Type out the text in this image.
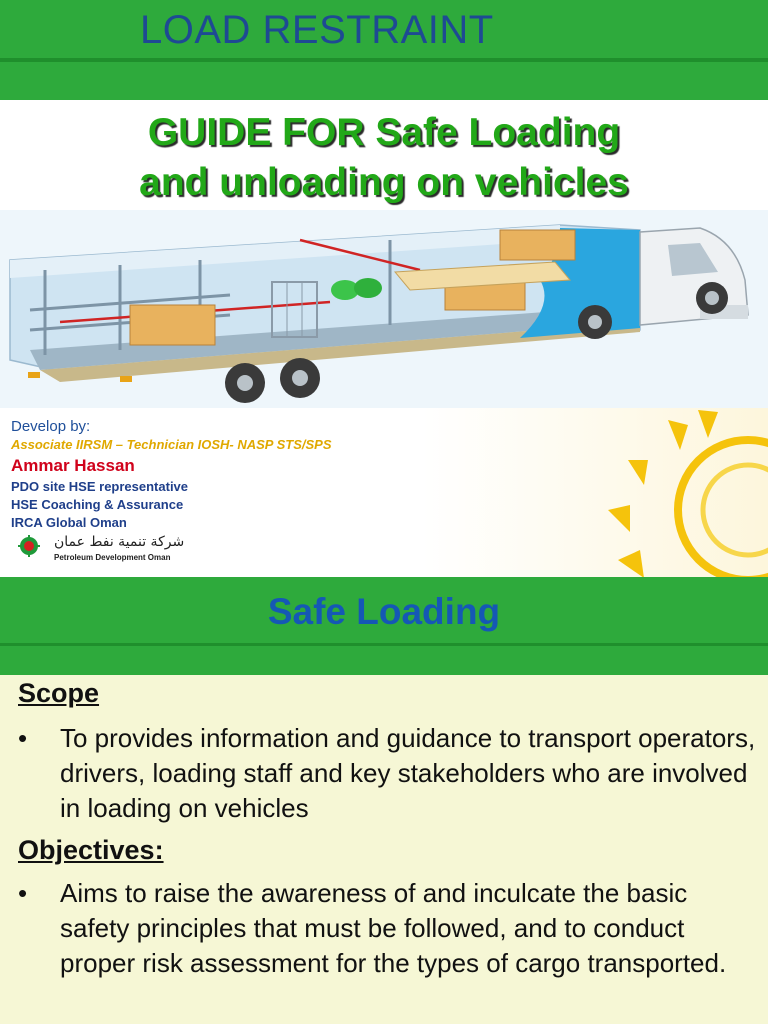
LOAD RESTRAINT
GUIDE FOR Safe Loading
and unloading on vehicles
Develop by:
Associate IIRSM – Technician IOSH- NASP STS/SPS
Ammar Hassan
PDO site HSE representative
HSE Coaching & Assurance
IRCA Global Oman
شركة تنمية نفط عمان
Petroleum Development Oman
Safe Loading
Scope
•	To provides information and guidance to transport operators, drivers, loading staff and key stakeholders who are involved in loading on vehicles
Objectives:
•	Aims to raise the awareness of and inculcate the basic safety principles that must be followed, and to conduct proper risk assessment for the types of cargo transported.
